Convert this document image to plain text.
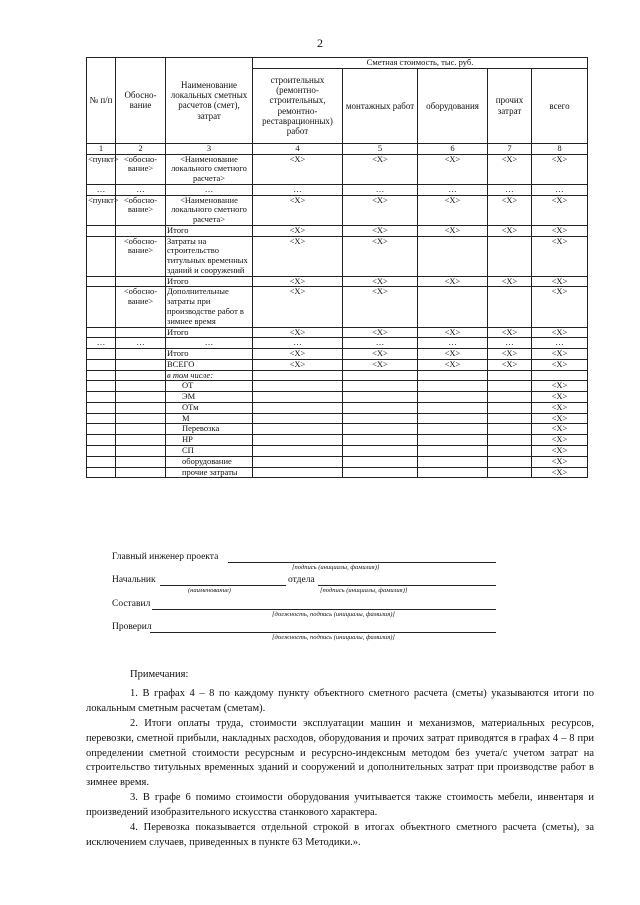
2
№ п/п	Обосно-вание	Наименование локальных сметных расчетов (смет), затрат	Сметная стоимость, тыс. руб.				
			строительных (ремонтно-строительных, ремонтно-реставрационных) работ	монтажных работ	оборудования	прочих затрат	всего
1	2	3	4	5	6	7	8
<пункт>	<обосно-вание>	<Наименование локального сметного расчета>	<X>	<X>	<X>	<X>	<X>
…	…	…	…	…	…	…	…
<пункт>	<обосно-вание>	<Наименование локального сметного расчета>	<X>	<X>	<X>	<X>	<X>
		Итого	<X>	<X>	<X>	<X>	<X>
	<обосно-вание>	Затраты на строительство титульных временных зданий и сооружений	<X>	<X>			<X>
		Итого	<X>	<X>	<X>	<X>	<X>
	<обосно-вание>	Дополнительные затраты при производстве работ в зимнее время	<X>	<X>			<X>
		Итого	<X>	<X>	<X>	<X>	<X>
…	…	…	…	…	…	…	…
		Итого	<X>	<X>	<X>	<X>	<X>
		ВСЕГО	<X>	<X>	<X>	<X>	<X>
		в том числе:					
		ОТ					<X>
		ЭМ					<X>
		ОТм					<X>
		М					<X>
		Перевозка					<X>
		НР					<X>
		СП					<X>
		оборудование					<X>
		прочие затраты					<X>
Главный инженер проекта
[подпись (инициалы, фамилия)]
Начальник	отдела
(наименование)	[подпись (инициалы, фамилия)]
Составил
[должность, подпись (инициалы, фамилия)]
Проверил
[должность, подпись (инициалы, фамилия)]

Примечания:

1. В графах 4 – 8 по каждому пункту объектного сметного расчета (сметы) указываются итоги по локальным сметным расчетам (сметам).

2. Итоги оплаты труда, стоимости эксплуатации машин и механизмов, материальных ресурсов, перевозки, сметной прибыли, накладных расходов, оборудования и прочих затрат приводятся в графах 4 – 8 при определении сметной стоимости ресурсным и ресурсно-индексным методом без учета/с учетом затрат на строительство титульных временных зданий и сооружений и дополнительных затрат при производстве работ в зимнее время.

3. В графе 6 помимо стоимости оборудования учитывается также стоимость мебели, инвентаря и произведений изобразительного искусства станкового характера.

4. Перевозка показывается отдельной строкой в итогах объектного сметного расчета (сметы), за исключением случаев, приведенных в пункте 63 Методики.».
